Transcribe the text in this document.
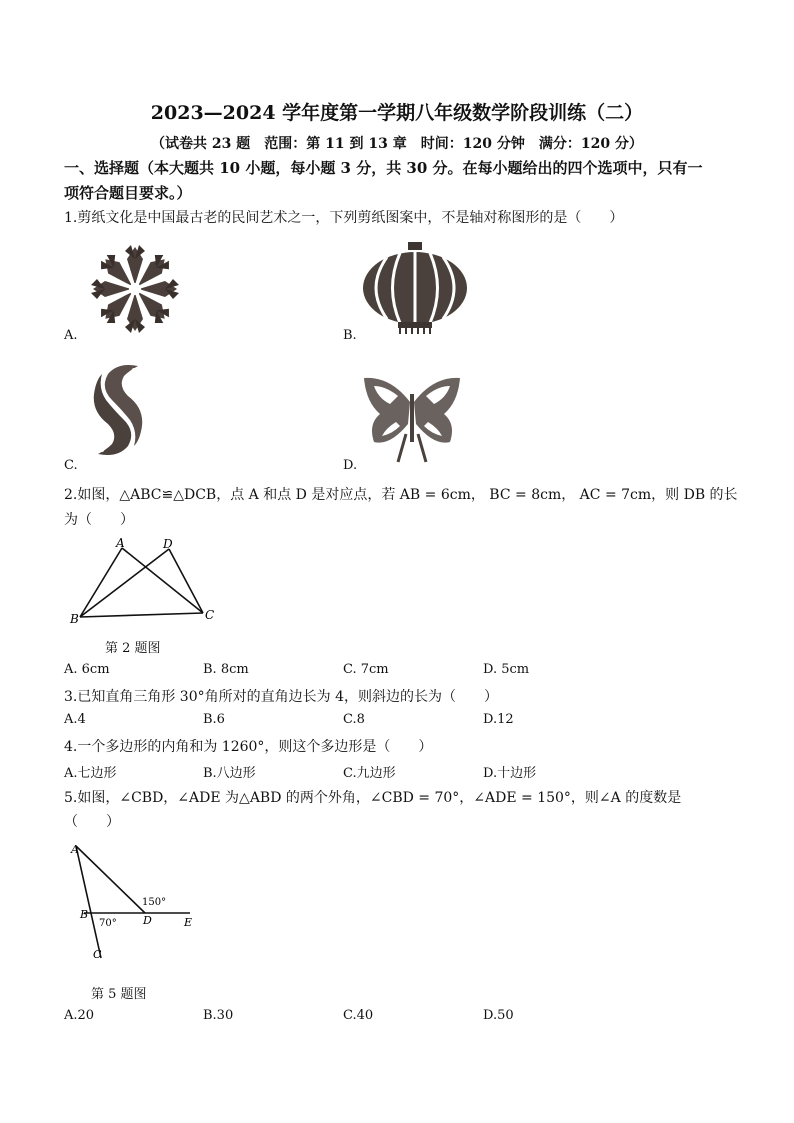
2023—2024 学年度第一学期八年级数学阶段训练（二）
（试卷共 23 题　范围：第 11 到 13 章　时间：120 分钟　满分：120 分）
一、选择题（本大题共 10 小题，每小题 3 分，共 30 分。在每小题给出的四个选项中，只有一
项符合题目要求。）
1.剪纸文化是中国最古老的民间艺术之一，下列剪纸图案中，不是轴对称图形的是（　　）
A.	B.
C.	D.
2.如图，△ABC≌△DCB，点 A 和点 D 是对应点，若 AB = 6cm， BC = 8cm， AC = 7cm，则 DB 的长
为（　　）
A	D
B	C
第 2 题图
A. 6cm	B. 8cm	C. 7cm	D. 5cm
3.已知直角三角形 30°角所对的直角边长为 4，则斜边的长为（　　）
A.4	B.6	C.8	D.12
4.一个多边形的内角和为 1260°，则这个多边形是（　　）
A.七边形	B.八边形	C.九边形	D.十边形
5.如图，∠CBD，∠ADE 为△ABD 的两个外角，∠CBD = 70°，∠ADE = 150°，则∠A 的度数是
（　　）
A
B
C
D	E
150°
70°
第 5 题图
A.20	B.30	C.40	D.50
